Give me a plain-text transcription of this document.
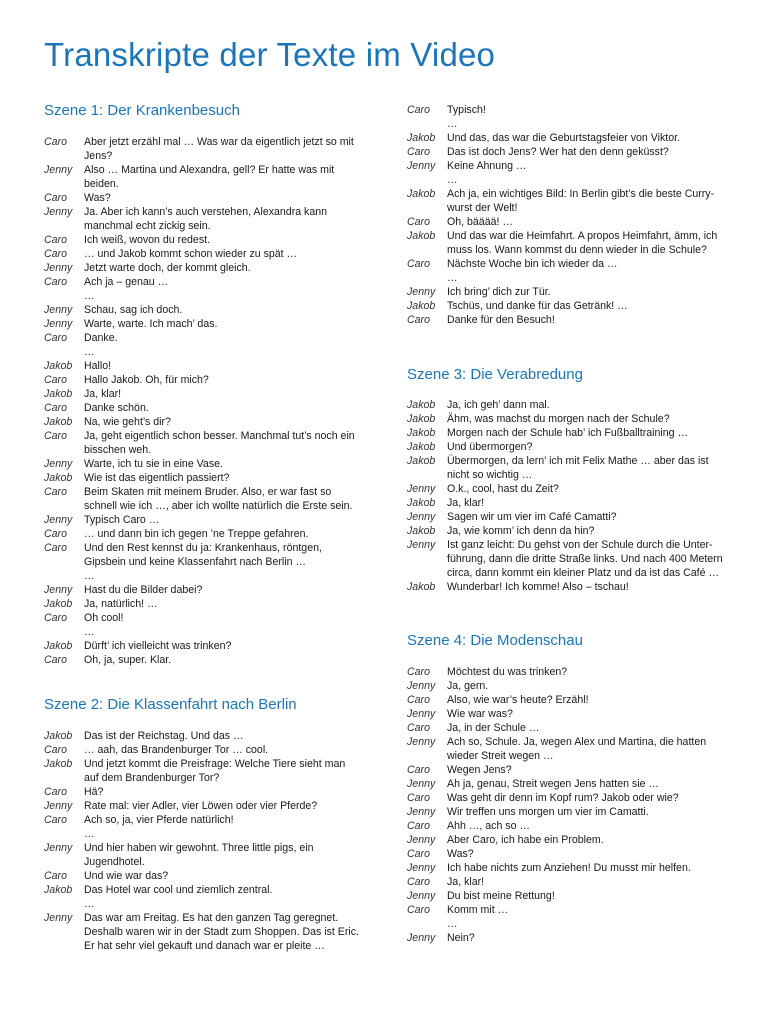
Transkripte der Texte im Video
Szene 1: Der Krankenbesuch
Caro	Aber jetzt erzähl mal … Was war da eigentlich jetzt so mit Jens?
Jenny	Also … Martina und Alexandra, gell? Er hatte was mit beiden.
Caro	Was?
Jenny	Ja. Aber ich kann’s auch verstehen, Alexandra kann manchmal echt zickig sein.
Caro	Ich weiß, wovon du redest.
Caro	… und Jakob kommt schon wieder zu spät …
Jenny	Jetzt warte doch, der kommt gleich.
Caro	Ach ja – genau …
…
Jenny	Schau, sag ich doch.
Jenny	Warte, warte. Ich mach’ das.
Caro	Danke.
…
Jakob	Hallo!
Caro	Hallo Jakob. Oh, für mich?
Jakob	Ja, klar!
Caro	Danke schön.
Jakob	Na, wie geht’s dir?
Caro	Ja, geht eigentlich schon besser. Manchmal tut’s noch ein bisschen weh.
Jenny	Warte, ich tu sie in eine Vase.
Jakob	Wie ist das eigentlich passiert?
Caro	Beim Skaten mit meinem Bruder. Also, er war fast so schnell wie ich …, aber ich wollte natürlich die Erste sein.
Jenny	Typisch Caro …
Caro	… und dann bin ich gegen ’ne Treppe gefahren.
Caro	Und den Rest kennst du ja: Krankenhaus, röntgen, Gipsbein und keine Klassenfahrt nach Berlin …
…
Jenny	Hast du die Bilder dabei?
Jakob	Ja, natürlich! …
Caro	Oh cool!
…
Jakob	Dürft’ ich vielleicht was trinken?
Caro	Oh, ja, super. Klar.
Szene 2: Die Klassenfahrt nach Berlin
Jakob	Das ist der Reichstag. Und das …
Caro	… aah, das Brandenburger Tor … cool.
Jakob	Und jetzt kommt die Preisfrage: Welche Tiere sieht man auf dem Brandenburger Tor?
Caro	Hä?
Jenny	Rate mal: vier Adler, vier Löwen oder vier Pferde?
Caro	Ach so, ja, vier Pferde natürlich!
…
Jenny	Und hier haben wir gewohnt. Three little pigs, ein Jugendhotel.
Caro	Und wie war das?
Jakob	Das Hotel war cool und ziemlich zentral.
…
Jenny	Das war am Freitag. Es hat den ganzen Tag geregnet. Deshalb waren wir in der Stadt zum Shoppen. Das ist Eric. Er hat sehr viel gekauft und danach war er pleite …
Caro	Typisch!
…
Jakob	Und das, das war die Geburtstagsfeier von Viktor.
Caro	Das ist doch Jens? Wer hat den denn geküsst?
Jenny	Keine Ahnung …
…
Jakob	Ach ja, ein wichtiges Bild: In Berlin gibt’s die beste Curry-wurst der Welt!
Caro	Oh, bääää! …
Jakob	Und das war die Heimfahrt. A propos Heimfahrt, ämm, ich muss los. Wann kommst du denn wieder in die Schule?
Caro	Nächste Woche bin ich wieder da …
…
Jenny	Ich bring’ dich zur Tür.
Jakob	Tschüs, und danke für das Getränk! …
Caro	Danke für den Besuch!
Szene 3: Die Verabredung
Jakob	Ja, ich geh’ dann mal.
Jakob	Ähm, was machst du morgen nach der Schule?
Jakob	Morgen nach der Schule hab’ ich Fußballtraining …
Jakob	Und übermorgen?
Jakob	Übermorgen, da lern’ ich mit Felix Mathe … aber das ist nicht so wichtig …
Jenny	O.k., cool, hast du Zeit?
Jakob	Ja, klar!
Jenny	Sagen wir um vier im Café Camatti?
Jakob	Ja, wie komm’ ich denn da hin?
Jenny	Ist ganz leicht: Du gehst von der Schule durch die Unter-führung, dann die dritte Straße links. Und nach 400 Metern circa, dann kommt ein kleiner Platz und da ist das Café …
Jakob	Wunderbar! Ich komme! Also – tschau!
Szene 4: Die Modenschau
Caro	Möchtest du was trinken?
Jenny	Ja, gern.
Caro	Also, wie war’s heute? Erzähl!
Jenny	Wie war was?
Caro	Ja, in der Schule …
Jenny	Ach so, Schule. Ja, wegen Alex und Martina, die hatten wieder Streit wegen …
Caro	Wegen Jens?
Jenny	Ah ja, genau, Streit wegen Jens hatten sie …
Caro	Was geht dir denn im Kopf rum? Jakob oder wie?
Jenny	Wir treffen uns morgen um vier im Camatti.
Caro	Ahh …, ach so …
Jenny	Aber Caro, ich habe ein Problem.
Caro	Was?
Jenny	Ich habe nichts zum Anziehen! Du musst mir helfen.
Caro	Ja, klar!
Jenny	Du bist meine Rettung!
Caro	Komm mit …
…
Jenny	Nein?
